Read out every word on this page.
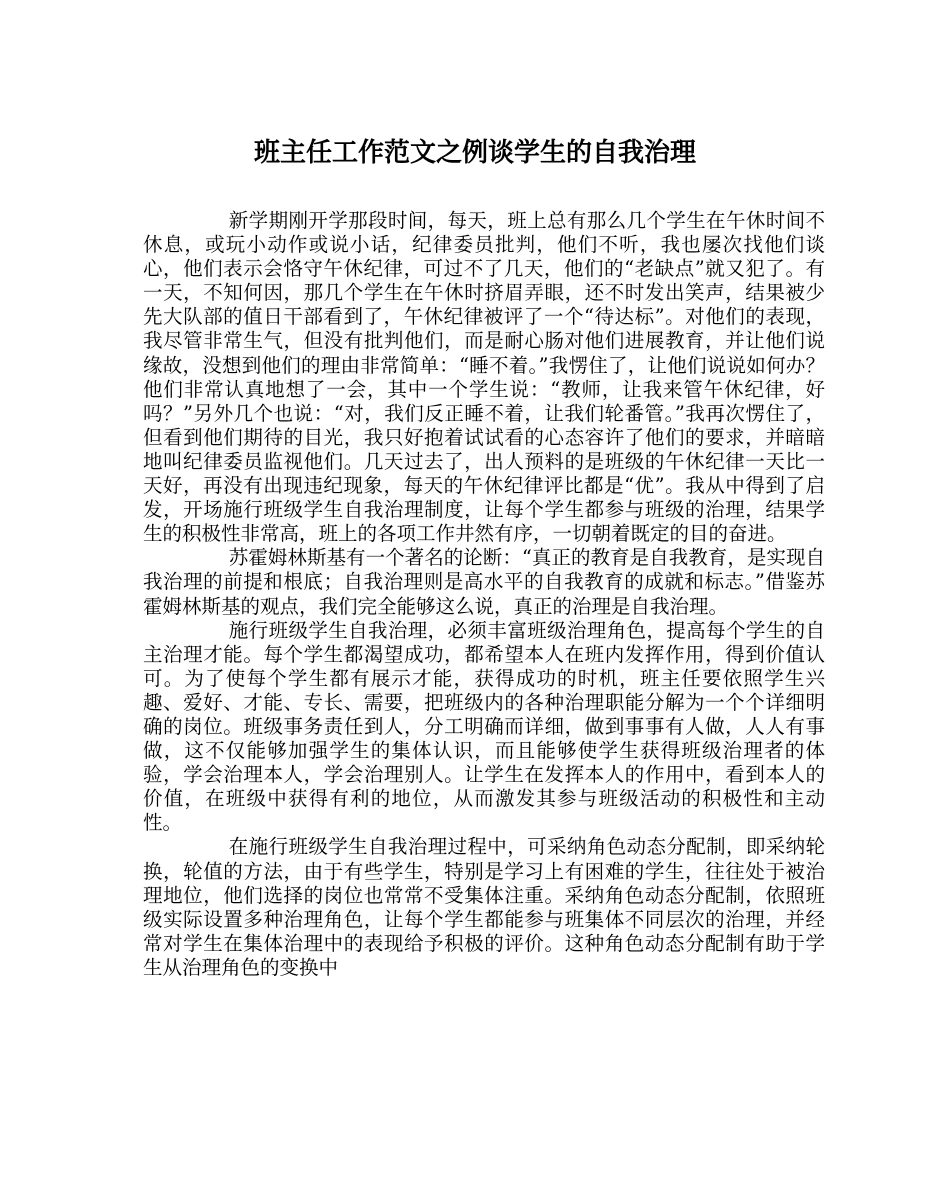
班主任工作范文之例谈学生的自我治理

新学期刚开学那段时间，每天，班上总有那么几个学生在午休时间不休息，或玩小动作或说小话，纪律委员批判，他们不听，我也屡次找他们谈心，他们表示会恪守午休纪律，可过不了几天，他们的“老缺点”就又犯了。有一天，不知何因，那几个学生在午休时挤眉弄眼，还不时发出笑声，结果被少先大队部的值日干部看到了，午休纪律被评了一个“待达标”。对他们的表现，我尽管非常生气，但没有批判他们，而是耐心肠对他们进展教育，并让他们说缘故，没想到他们的理由非常简单：“睡不着。”我愣住了，让他们说说如何办？他们非常认真地想了一会，其中一个学生说：“教师，让我来管午休纪律，好吗？”另外几个也说：“对，我们反正睡不着，让我们轮番管。”我再次愣住了，但看到他们期待的目光，我只好抱着试试看的心态容许了他们的要求，并暗暗地叫纪律委员监视他们。几天过去了，出人预料的是班级的午休纪律一天比一天好，再没有出现违纪现象，每天的午休纪律评比都是“优”。我从中得到了启发，开场施行班级学生自我治理制度，让每个学生都参与班级的治理，结果学生的积极性非常高，班上的各项工作井然有序，一切朝着既定的目的奋进。

苏霍姆林斯基有一个著名的论断：“真正的教育是自我教育，是实现自我治理的前提和根底；自我治理则是高水平的自我教育的成就和标志。”借鉴苏霍姆林斯基的观点，我们完全能够这么说，真正的治理是自我治理。

施行班级学生自我治理，必须丰富班级治理角色，提高每个学生的自主治理才能。每个学生都渴望成功，都希望本人在班内发挥作用，得到价值认可。为了使每个学生都有展示才能，获得成功的时机，班主任要依照学生兴趣、爱好、才能、专长、需要，把班级内的各种治理职能分解为一个个详细明确的岗位。班级事务责任到人，分工明确而详细，做到事事有人做，人人有事做，这不仅能够加强学生的集体认识，而且能够使学生获得班级治理者的体验，学会治理本人，学会治理别人。让学生在发挥本人的作用中，看到本人的价值，在班级中获得有利的地位，从而激发其参与班级活动的积极性和主动性。

在施行班级学生自我治理过程中，可采纳角色动态分配制，即采纳轮换，轮值的方法，由于有些学生，特别是学习上有困难的学生，往往处于被治理地位，他们选择的岗位也常常不受集体注重。采纳角色动态分配制，依照班级实际设置多种治理角色，让每个学生都能参与班集体不同层次的治理，并经常对学生在集体治理中的表现给予积极的评价。这种角色动态分配制有助于学生从治理角色的变换中
